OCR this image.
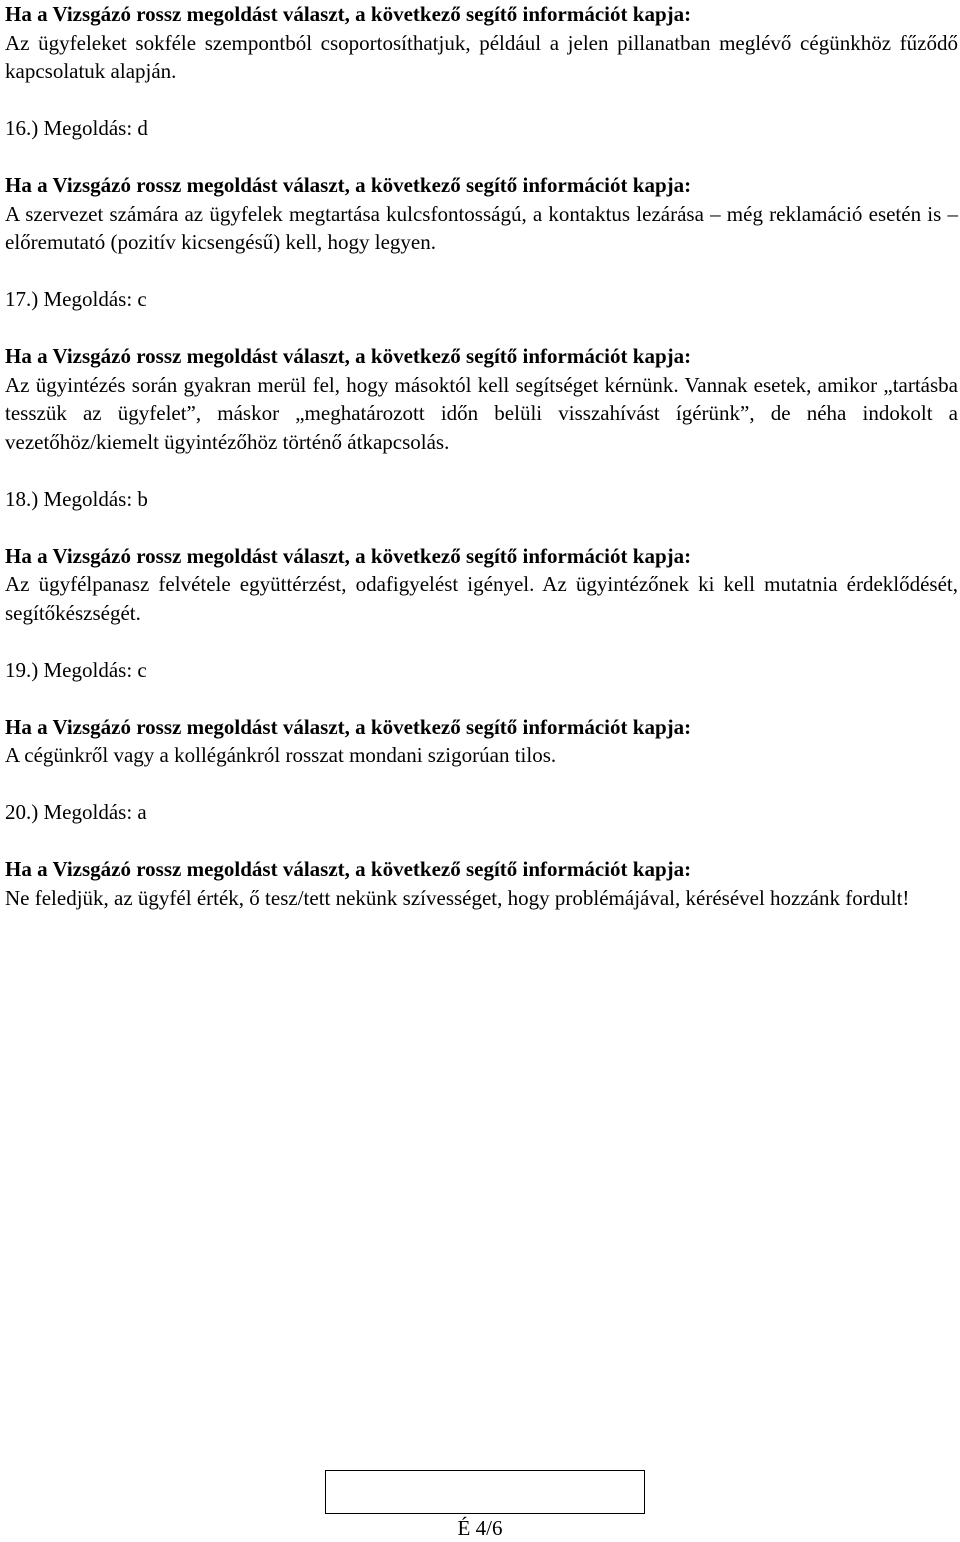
Ha a Vizsgázó rossz megoldást választ, a következő segítő információt kapja:

Az ügyfeleket sokféle szempontból csoportosíthatjuk, például a jelen pillanatban meglévő cégünkhöz fűződő kapcsolatuk alapján.

16.) Megoldás: d

Ha a Vizsgázó rossz megoldást választ, a következő segítő információt kapja:

A szervezet számára az ügyfelek megtartása kulcsfontosságú, a kontaktus lezárása – még reklamáció esetén is – előremutató (pozitív kicsengésű) kell, hogy legyen.

17.) Megoldás: c

Ha a Vizsgázó rossz megoldást választ, a következő segítő információt kapja:

Az ügyintézés során gyakran merül fel, hogy másoktól kell segítséget kérnünk. Vannak esetek, amikor „tartásba tesszük az ügyfelet”, máskor „meghatározott időn belüli visszahívást ígérünk”, de néha indokolt a vezetőhöz/kiemelt ügyintézőhöz történő átkapcsolás.

18.) Megoldás: b

Ha a Vizsgázó rossz megoldást választ, a következő segítő információt kapja:

Az ügyfélpanasz felvétele együttérzést, odafigyelést igényel. Az ügyintézőnek ki kell mutatnia érdeklődését, segítőkészségét.

19.) Megoldás: c

Ha a Vizsgázó rossz megoldást választ, a következő segítő információt kapja:

A cégünkről vagy a kollégánkról rosszat mondani szigorúan tilos.

20.) Megoldás: a

Ha a Vizsgázó rossz megoldást választ, a következő segítő információt kapja:

Ne feledjük, az ügyfél érték, ő tesz/tett nekünk szívességet, hogy problémájával, kérésével hozzánk fordult!

É 4/6
